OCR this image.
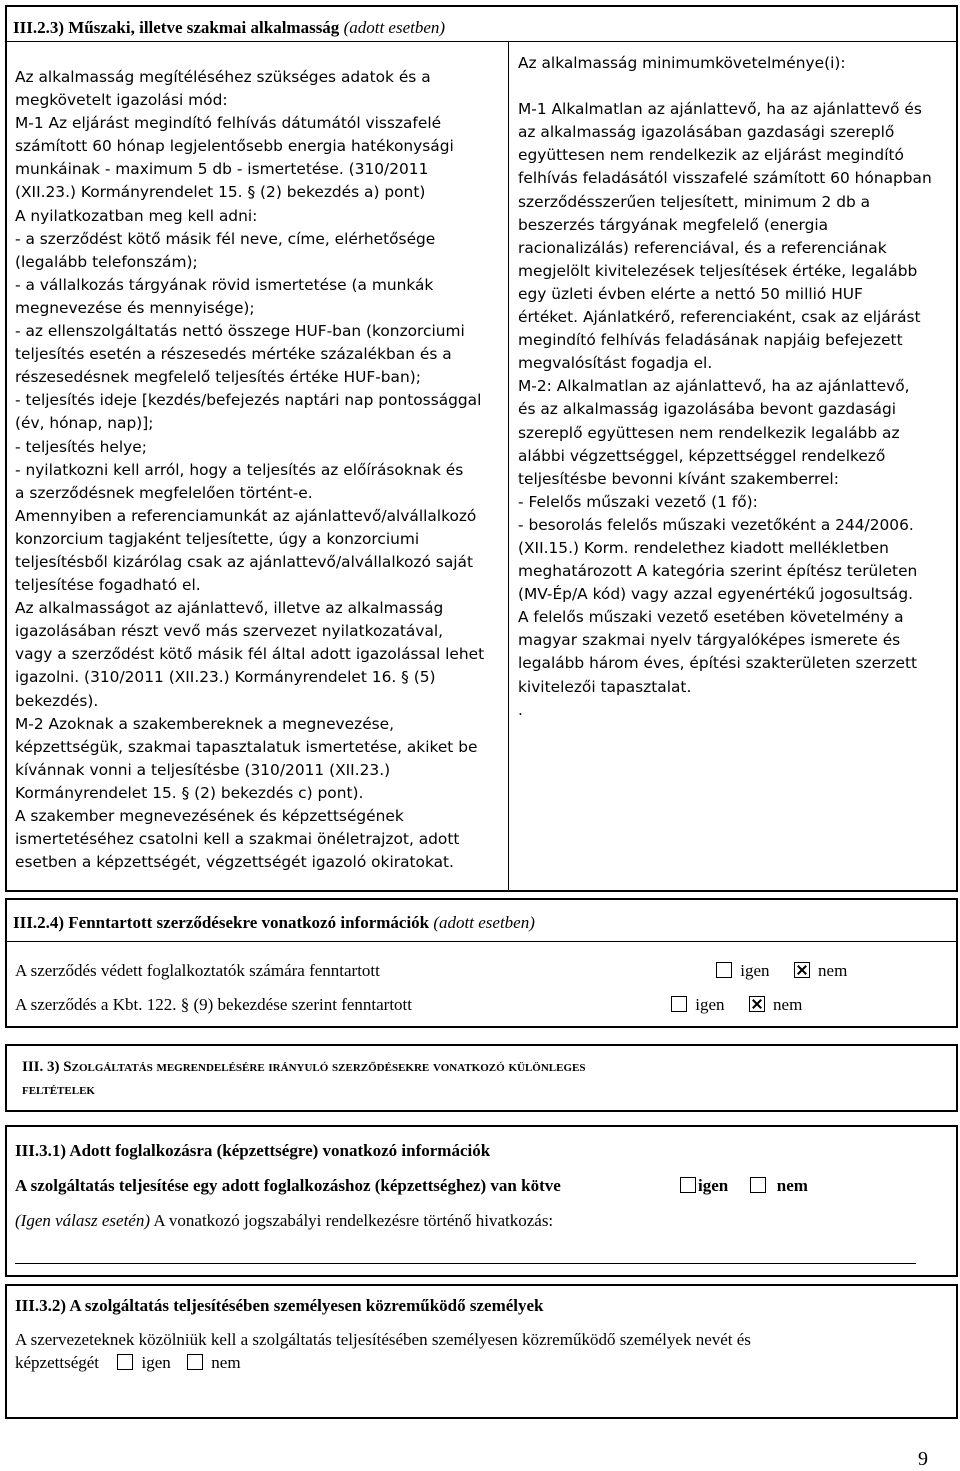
III.2.3) Műszaki, illetve szakmai alkalmasság (adott esetben)
Az alkalmasság megítéléséhez szükséges adatok és a
megkövetelt igazolási mód:
M-1 Az eljárást megindító felhívás dátumától visszafelé
számított 60 hónap legjelentősebb energia hatékonysági
munkáinak - maximum 5 db - ismertetése. (310/2011
(XII.23.) Kormányrendelet 15. § (2) bekezdés a) pont)
A nyilatkozatban meg kell adni:
- a szerződést kötő másik fél neve, címe, elérhetősége
(legalább telefonszám);
- a vállalkozás tárgyának rövid ismertetése (a munkák
megnevezése és mennyisége);
- az ellenszolgáltatás nettó összege HUF-ban (konzorciumi
teljesítés esetén a részesedés mértéke százalékban és a
részesedésnek megfelelő teljesítés értéke HUF-ban);
- teljesítés ideje [kezdés/befejezés naptári nap pontossággal
(év, hónap, nap)];
- teljesítés helye;
- nyilatkozni kell arról, hogy a teljesítés az előírásoknak és
a szerződésnek megfelelően történt-e.
Amennyiben a referenciamunkát az ajánlattevő/alvállalkozó
konzorcium tagjaként teljesítette, úgy a konzorciumi
teljesítésből kizárólag csak az ajánlattevő/alvállalkozó saját
teljesítése fogadható el.
Az alkalmasságot az ajánlattevő, illetve az alkalmasság
igazolásában részt vevő más szervezet nyilatkozatával,
vagy a szerződést kötő másik fél által adott igazolással lehet
igazolni. (310/2011 (XII.23.) Kormányrendelet 16. § (5)
bekezdés).
M-2 Azoknak a szakembereknek a megnevezése,
képzettségük, szakmai tapasztalatuk ismertetése, akiket be
kívánnak vonni a teljesítésbe (310/2011 (XII.23.)
Kormányrendelet 15. § (2) bekezdés c) pont).
A szakember megnevezésének és képzettségének
ismertetéséhez csatolni kell a szakmai önéletrajzot, adott
esetben a képzettségét, végzettségét igazoló okiratokat.
Az alkalmasság minimumkövetelménye(i):
M-1 Alkalmatlan az ajánlattevő, ha az ajánlattevő és
az alkalmasság igazolásában gazdasági szereplő
együttesen nem rendelkezik az eljárást megindító
felhívás feladásától visszafelé számított 60 hónapban
szerződésszerűen teljesített, minimum 2 db a
beszerzés tárgyának megfelelő (energia
racionalizálás) referenciával, és a referenciának
megjelölt kivitelezések teljesítések értéke, legalább
egy üzleti évben elérte a nettó 50 millió HUF
értéket. Ajánlatkérő, referenciaként, csak az eljárást
megindító felhívás feladásának napjáig befejezett
megvalósítást fogadja el.
M-2: Alkalmatlan az ajánlattevő, ha az ajánlattevő,
és az alkalmasság igazolásába bevont gazdasági
szereplő együttesen nem rendelkezik legalább az
alábbi végzettséggel, képzettséggel rendelkező
teljesítésbe bevonni kívánt szakemberrel:
- Felelős műszaki vezető (1 fő):
- besorolás felelős műszaki vezetőként a 244/2006.
(XII.15.) Korm. rendelethez kiadott mellékletben
meghatározott A kategória szerint építész területen
(MV-Ép/A kód) vagy azzal egyenértékű jogosultság.
A felelős műszaki vezető esetében követelmény a
magyar szakmai nyelv tárgyalóképes ismerete és
legalább három éves, építési szakterületen szerzett
kivitelezői tapasztalat.
.
III.2.4) Fenntartott szerződésekre vonatkozó információk (adott esetben)
A szerződés védett foglalkoztatók számára fenntartott	igen	nem
A szerződés a Kbt. 122. § (9) bekezdése szerint fenntartott	igen	nem
III. 3) Szolgáltatás megrendelésére irányuló szerződésekre vonatkozó különleges
feltételek
III.3.1) Adott foglalkozásra (képzettségre) vonatkozó információk
A szolgáltatás teljesítése egy adott foglalkozáshoz (képzettséghez) van kötve	igen	nem
(Igen válasz esetén) A vonatkozó jogszabályi rendelkezésre történő hivatkozás:
III.3.2) A szolgáltatás teljesítésében személyesen közreműködő személyek
A szervezeteknek közölniük kell a szolgáltatás teljesítésében személyesen közreműködő személyek nevét és
képzettségét	igen nem
9
